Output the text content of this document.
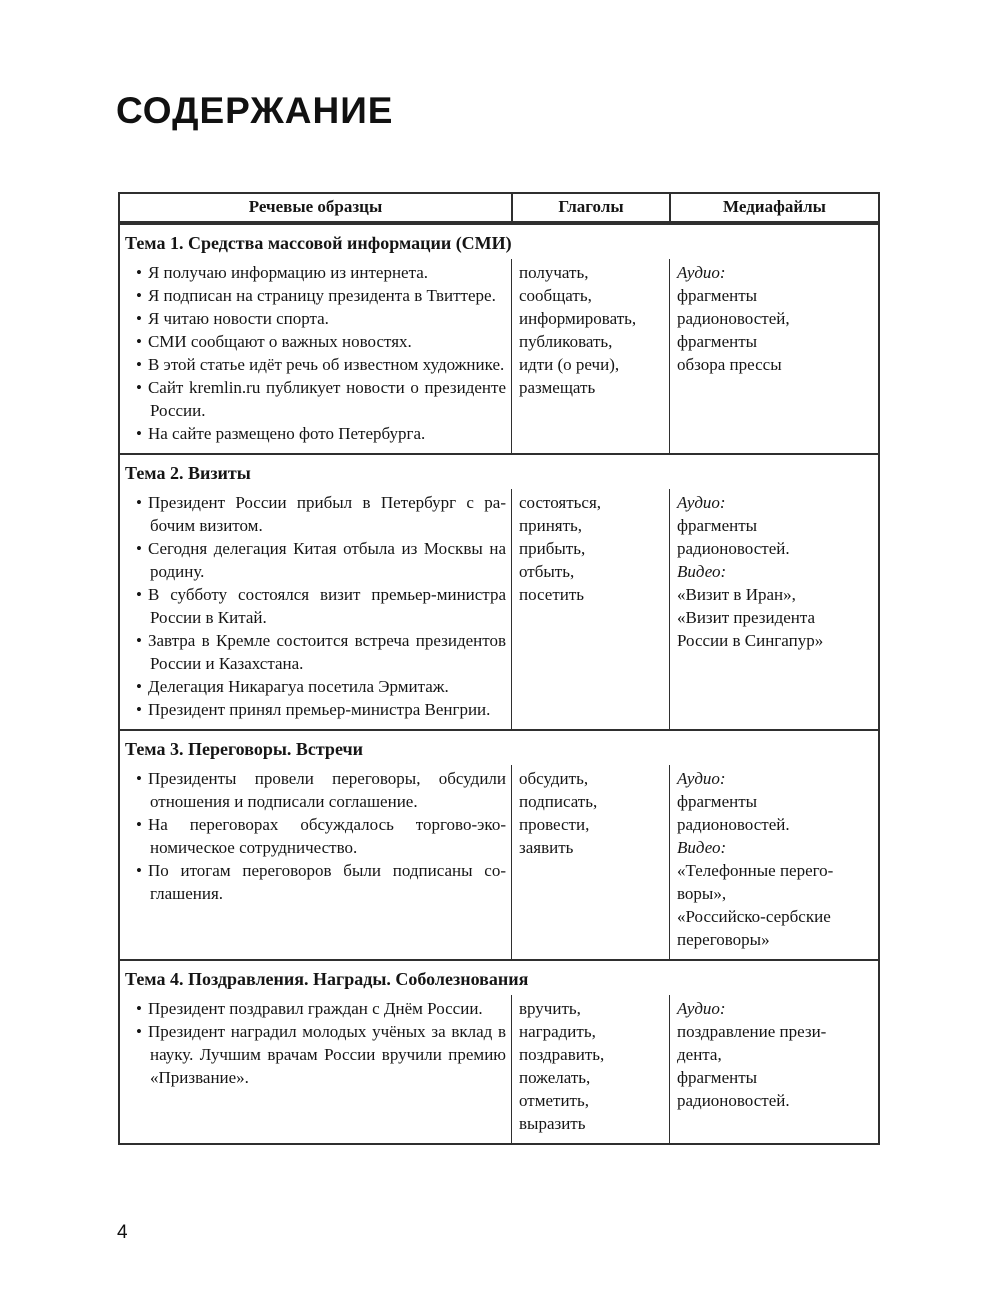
СОДЕРЖАНИЕ
Речевые образцы	Глаголы	Медиафайлы
Тема 1. Средства массовой информации (СМИ)
• Я получаю информацию из интернета.
• Я подписан на страницу президента в Твиттере.
• Я читаю новости спорта.
• СМИ сообщают о важных новостях.
• В этой статье идёт речь об известном художнике.
• Сайт kremlin.ru публикует новости о президенте России.
• На сайте размещено фото Петербурга.
получать,
сообщать,
информировать,
публиковать,
идти (о речи),
размещать
Аудио:
фрагменты
радионовостей,
фрагменты
обзора прессы
Тема 2. Визиты
• Президент России прибыл в Петербург с рабочим визитом.
• Сегодня делегация Китая отбыла из Москвы на родину.
• В субботу состоялся визит премьер-министра России в Китай.
• Завтра в Кремле состоится встреча президентов России и Казахстана.
• Делегация Никарагуа посетила Эрмитаж.
• Президент принял премьер-министра Венгрии.
состояться,
принять,
прибыть,
отбыть,
посетить
Аудио:
фрагменты
радионовостей.
Видео:
«Визит в Иран»,
«Визит президента
России в Сингапур»
Тема 3. Переговоры. Встречи
• Президенты провели переговоры, обсудили отношения и подписали соглашение.
• На переговорах обсуждалось торгово-экономическое сотрудничество.
• По итогам переговоров были подписаны соглашения.
обсудить,
подписать,
провести,
заявить
Аудио:
фрагменты
радионовостей.
Видео:
«Телефонные перего-
воры»,
«Российско-сербские
переговоры»
Тема 4. Поздравления. Награды. Соболезнования
• Президент поздравил граждан с Днём России.
• Президент наградил молодых учёных за вклад в науку. Лучшим врачам России вручили премию «Призвание».
вручить,
наградить,
поздравить,
пожелать,
отметить,
выразить
Аудио:
поздравление прези-
дента,
фрагменты
радионовостей.
4
